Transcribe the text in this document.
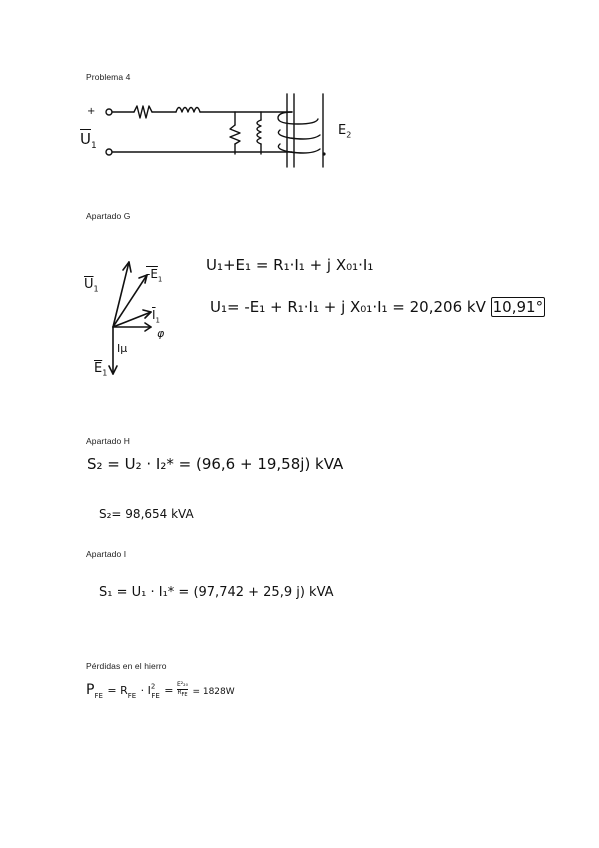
Problema 4
Apartado G
Apartado H
Apartado I
Pérdidas en el hierro
+
$\overline{U}_1$
$E_2$
$\overline{U}_1$
$-E_1$
$\overline{I}_1$
φ
Iμ
$\overline{E}_1$
U₁+E₁ = R₁·I₁ + j X₀₁·I₁
U₁= -E₁ + R₁·I₁ + j X₀₁·I₁ = 20,206 kV 10,91°
S₂ = U₂ · I₂* = (96,6 + 19,58j) kVA
S₂= 98,654 kVA
S₁ = U₁ · I₁* = (97,742 + 25,9 j) kVA
$P_{FE} = R_{FE} \cdot I^2_{FE} = E^2_{20}$
$R_{FE} = 1828W$
